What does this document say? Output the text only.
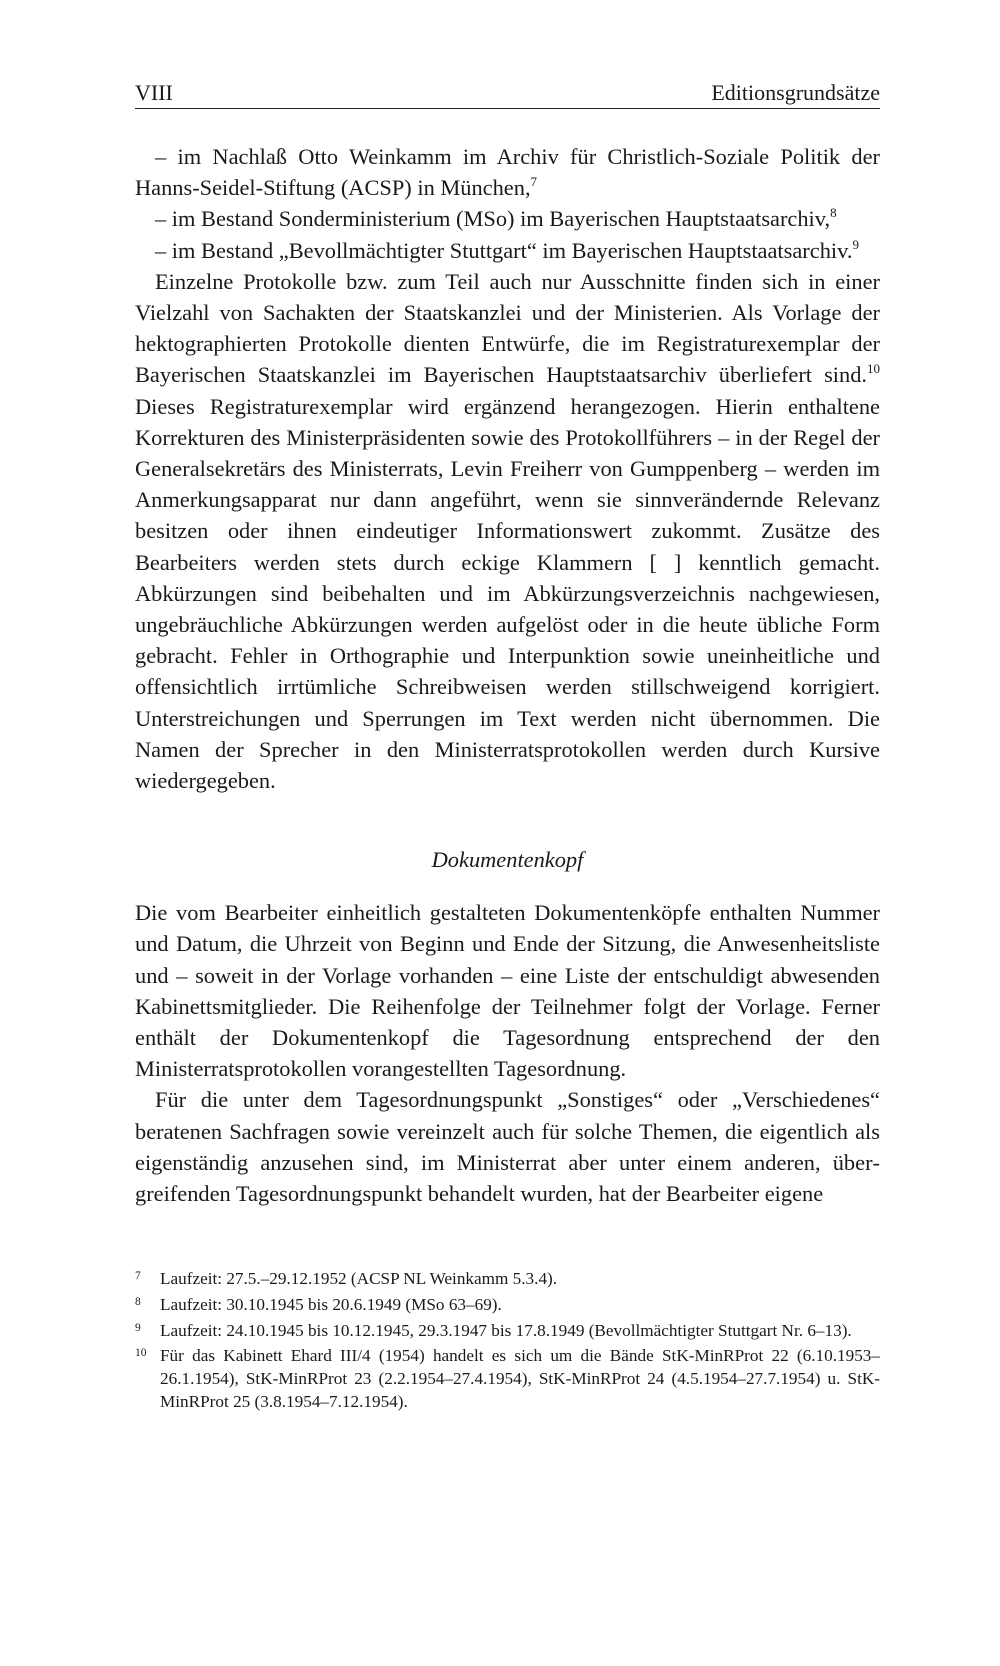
VIII	Editionsgrundsätze

– im Nachlaß Otto Weinkamm im Archiv für Christlich-Soziale Politik der Hanns-Seidel-Stiftung (ACSP) in München,$^7$

– im Bestand Sonderministerium (MSo) im Bayerischen Hauptstaatsarchiv,$^8$

– im Bestand „Bevollmächtigter Stuttgart“ im Bayerischen Hauptstaatsarchiv.$^9$

Einzelne Protokolle bzw. zum Teil auch nur Ausschnitte finden sich in einer Vielzahl von Sachakten der Staatskanzlei und der Ministerien. Als Vorlage der hektographierten Protokolle dienten Entwürfe, die im Registraturexemplar der Bayerischen Staatskanzlei im Bayerischen Hauptstaatsarchiv überliefert sind.$^{10}$ Dieses Registraturexemplar wird ergänzend herangezogen. Hierin enthaltene Korrekturen des Ministerpräsidenten sowie des Protokollführers – in der Regel der Generalsekretärs des Ministerrats, Levin Freiherr von Gumppenberg – werden im Anmerkungsapparat nur dann angeführt, wenn sie sinnverändernde Relevanz besitzen oder ihnen eindeutiger Informationswert zukommt. Zusätze des Bearbeiters werden stets durch eckige Klammern [ ] kenntlich gemacht. Abkürzungen sind beibehalten und im Abkürzungsverzeichnis nachgewiesen, ungebräuchliche Abkürzungen werden aufgelöst oder in die heute übliche Form gebracht. Fehler in Orthographie und Interpunktion sowie uneinheitliche und offensichtlich irrtümliche Schreibweisen werden stillschweigend korrigiert. Unterstreichungen und Sperrungen im Text werden nicht übernommen. Die Namen der Sprecher in den Ministerratsprotokollen werden durch Kursive wiedergegeben.

Dokumentenkopf

Die vom Bearbeiter einheitlich gestalteten Dokumentenköpfe enthalten Nummer und Datum, die Uhrzeit von Beginn und Ende der Sitzung, die Anwesenheitsliste und – soweit in der Vorlage vorhanden – eine Liste der entschuldigt abwesenden Kabinettsmitglieder. Die Reihenfolge der Teilnehmer folgt der Vorlage. Ferner enthält der Dokumentenkopf die Tagesordnung entsprechend der den Ministerratsprotokollen vorangestellten Tagesordnung.

Für die unter dem Tagesordnungspunkt „Sonstiges“ oder „Verschiedenes“ beratenen Sachfragen sowie vereinzelt auch für solche Themen, die eigentlich als eigenständig anzusehen sind, im Ministerrat aber unter einem anderen, übergreifenden Tagesordnungspunkt behandelt wurden, hat der Bearbeiter eigene

7	Laufzeit: 27.5.–29.12.1952 (ACSP NL Weinkamm 5.3.4).
8	Laufzeit: 30.10.1945 bis 20.6.1949 (MSo 63–69).
9	Laufzeit: 24.10.1945 bis 10.12.1945, 29.3.1947 bis 17.8.1949 (Bevollmächtigter Stuttgart Nr. 6–13).
10 Für das Kabinett Ehard III/4 (1954) handelt es sich um die Bände StK-MinRProt 22 (6.10.1953–26.1.1954), StK-MinRProt 23 (2.2.1954–27.4.1954), StK-MinRProt 24 (4.5.1954–27.7.1954) u. StK-MinRProt 25 (3.8.1954–7.12.1954).
